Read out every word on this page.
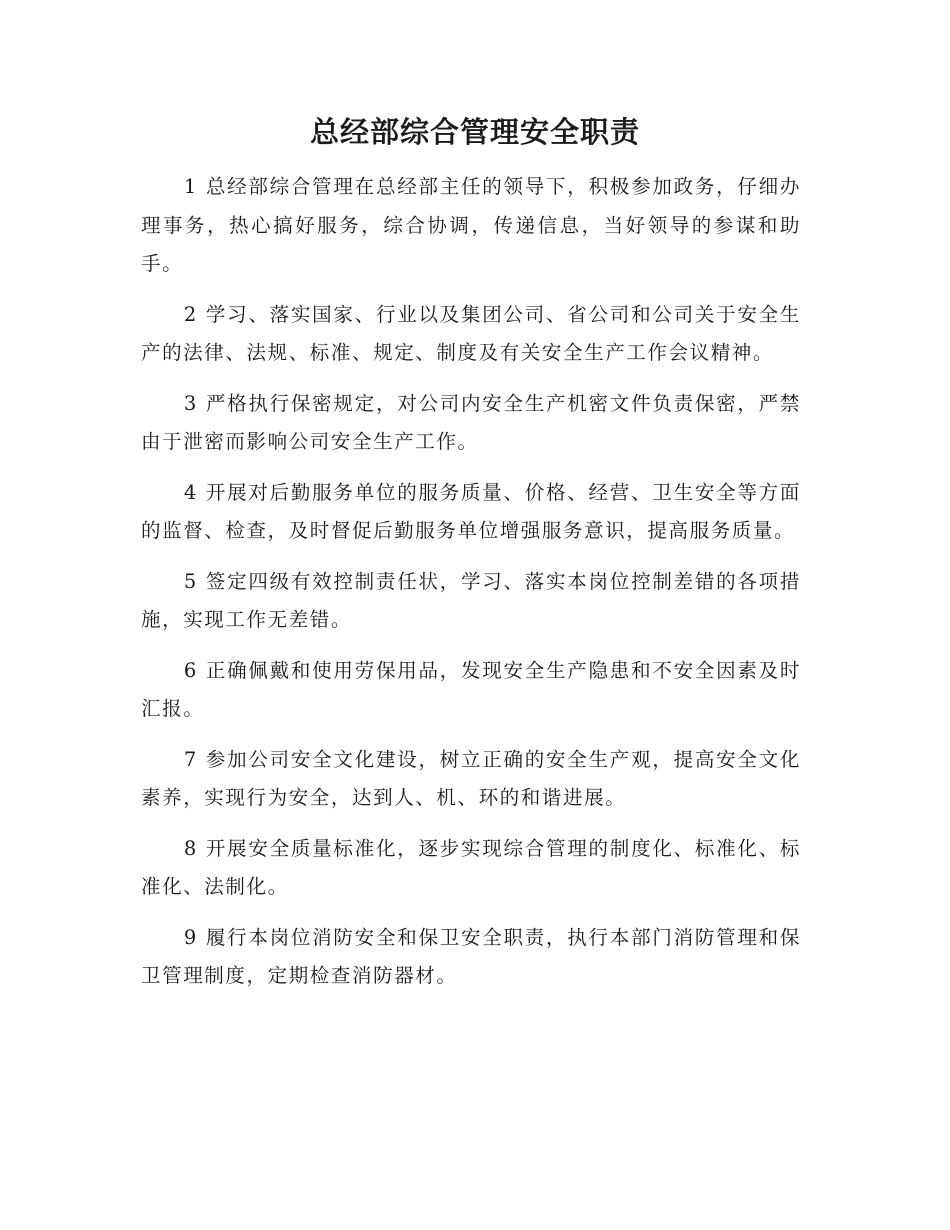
总经部综合管理安全职责

1 总经部综合管理在总经部主任的领导下，积极参加政务，仔细办理事务，热心搞好服务，综合协调，传递信息，当好领导的参谋和助手。

2 学习、落实国家、行业以及集团公司、省公司和公司关于安全生产的法律、法规、标准、规定、制度及有关安全生产工作会议精神。

3 严格执行保密规定，对公司内安全生产机密文件负责保密，严禁由于泄密而影响公司安全生产工作。

4 开展对后勤服务单位的服务质量、价格、经营、卫生安全等方面的监督、检查，及时督促后勤服务单位增强服务意识，提高服务质量。

5 签定四级有效控制责任状，学习、落实本岗位控制差错的各项措施，实现工作无差错。

6 正确佩戴和使用劳保用品，发现安全生产隐患和不安全因素及时汇报。

7 参加公司安全文化建设，树立正确的安全生产观，提高安全文化素养，实现行为安全，达到人、机、环的和谐进展。

8 开展安全质量标准化，逐步实现综合管理的制度化、标准化、标准化、法制化。

9 履行本岗位消防安全和保卫安全职责，执行本部门消防管理和保卫管理制度，定期检查消防器材。
